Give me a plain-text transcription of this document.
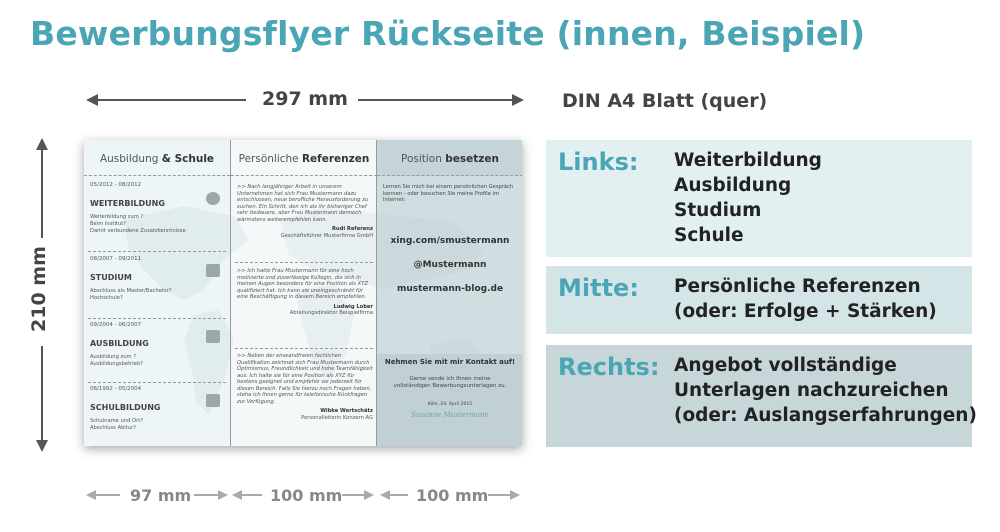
Bewerbungsflyer Rückseite (innen, Beispiel)
297 mm	DIN A4 Blatt (quer)
210 mm
97 mm	100 mm	100 mm
Ausbildung & Schule
05/2012 - 08/2012
WEITERBILDUNG
Weiterbildung zum ?
Beim Institut?
Damit verbundene Zusatzkenntnisse
08/2007 - 09/2011
STUDIUM
Abschluss als Master/Bachelor?
Hochschule?
09/2004 - 06/2007
AUSBILDUNG
Ausbildung zum ?
Ausbildungsbetrieb?
08/1992 - 05/2004
SCHULBILDUNG
Schulname und Ort?
Abschluss Abitur?
Persönliche Referenzen
>> Nach langjähriger Arbeit in unserem Unternehmen hat sich Frau Mustermann dazu entschlossen, neue berufliche Herausforderung zu suchen. Ein Schritt, den ich als ihr bisheriger Chef sehr bedauere, aber Frau Mustermann dennoch wärmstens weiterempfehlen kann.
Rudi Referenz
Geschäftsführer Musterfirma GmbH
>> Ich hatte Frau Mustermann für eine hoch motivierte und zuverlässige Kollegin, die sich in meinen Augen besonders für eine Position als XYZ qualifiziert hat. Ich kann sie uneingeschränkt für eine Beschäftigung in diesem Bereich empfehlen.
Ludwig Lober
Abteilungsdirektor Beispielfirma
>> Neben der einwandfreien fachlichen Qualifikation zeichnet sich Frau Mustermann durch Optimismus, Freundlichkeit und hohe Teamfähigkeit aus. Ich halte sie für eine Position als XYZ für bestens geeignet und empfehle sie jederzeit für diesen Bereich. Falls Sie hierzu noch Fragen haben, stehe ich Ihnen gerne für telefonische Rückfragen zur Verfügung.
Wibke Wertschätz
Personalleiterin Konzern AG
Position besetzen
Lernen Sie mich bei einem persönlichen Gespräch kennen - oder besuchen Sie meine Profile im Internet:
xing.com/smustermann
@Mustermann
mustermann-blog.de
Nehmen Sie mit mir Kontakt auf!
Gerne sende ich Ihnen meine
vollständigen Bewerbungsunterlagen zu.
Köln, 24. April 2015
Susanne Mustermann
Links: Weiterbildung
Ausbildung
Studium
Schule
Mitte: Persönliche Referenzen
(oder: Erfolge + Stärken)
Rechts: Angebot vollständige
Unterlagen nachzureichen
(oder: Auslangserfahrungen)
